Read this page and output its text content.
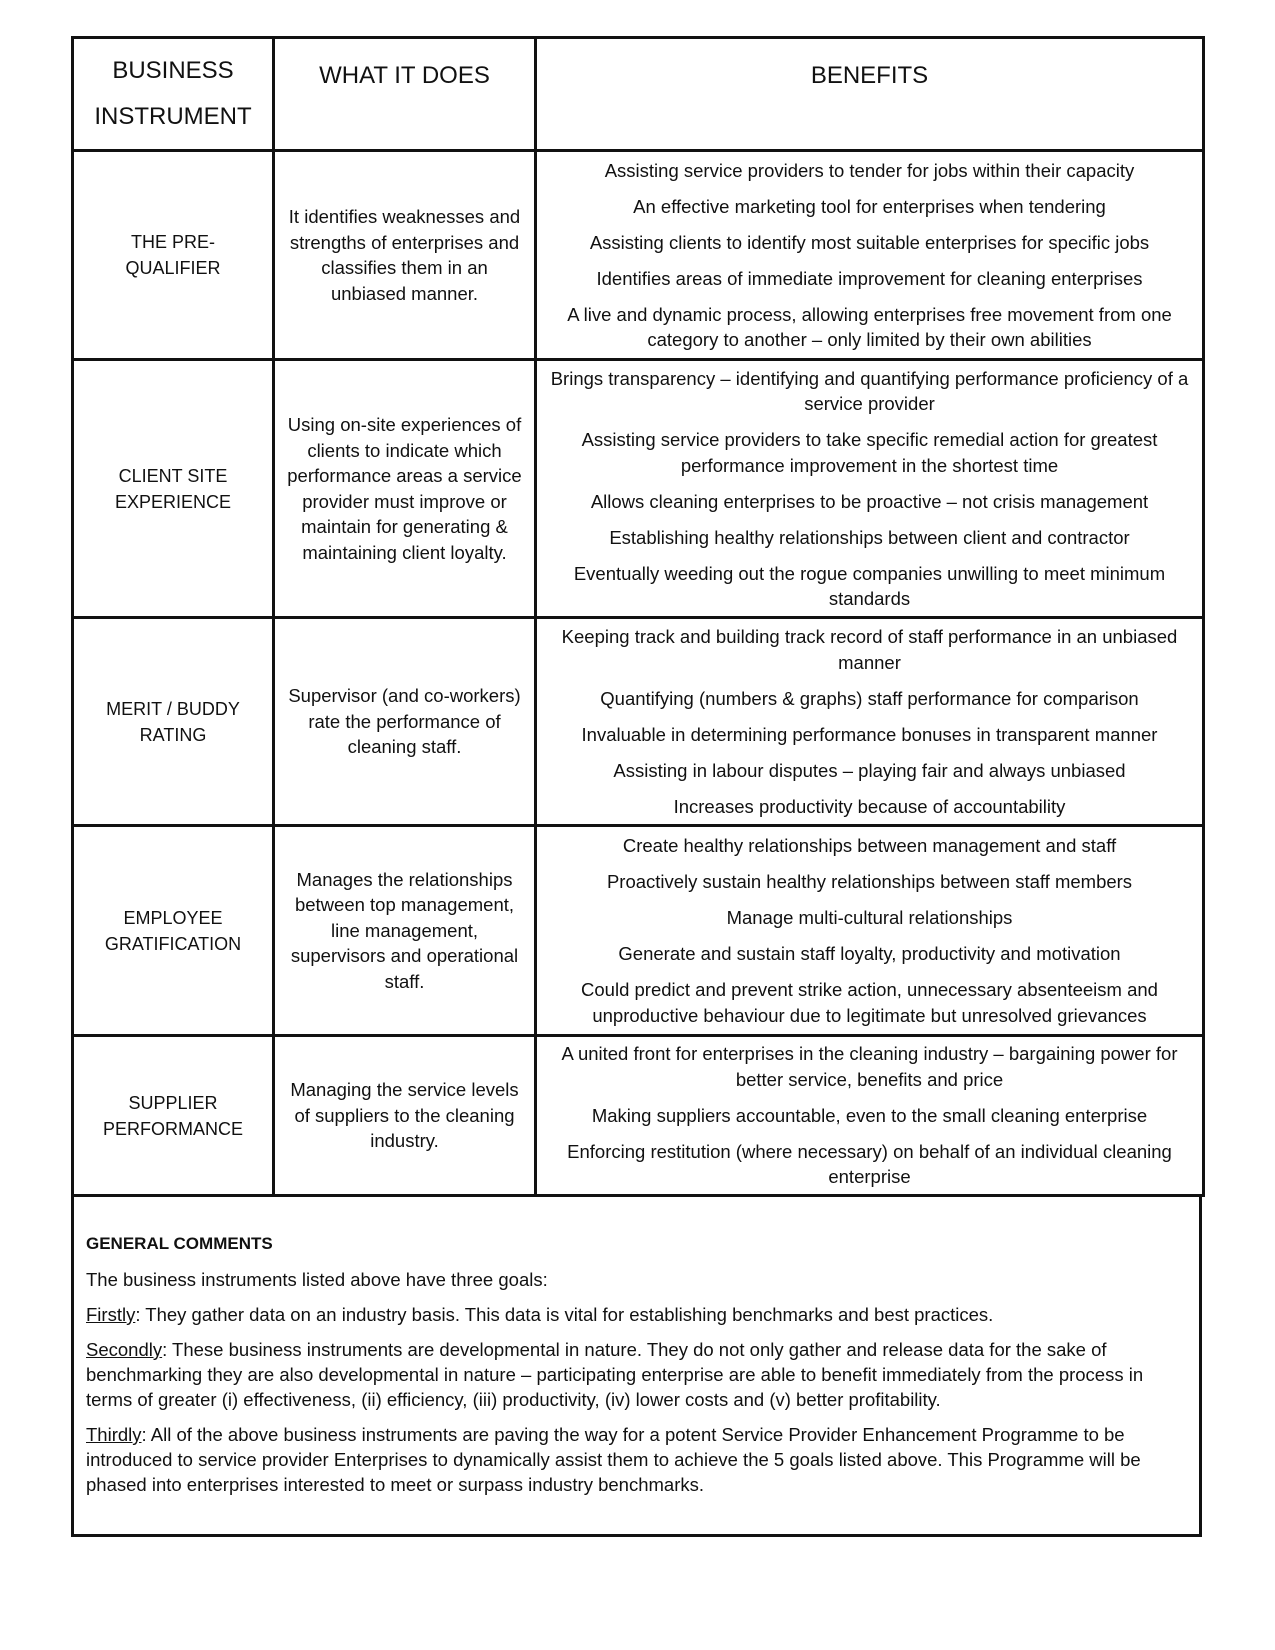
BUSINESS INSTRUMENT	WHAT IT DOES	BENEFITS
THE PRE-QUALIFIER	It identifies weaknesses and strengths of enterprises and classifies them in an unbiased manner.	Assisting service providers to tender for jobs within their capacity
An effective marketing tool for enterprises when tendering
Assisting clients to identify most suitable enterprises for specific jobs
Identifies areas of immediate improvement for cleaning enterprises
A live and dynamic process, allowing enterprises free movement from one category to another – only limited by their own abilities

CLIENT SITE EXPERIENCE	Using on-site experiences of clients to indicate which performance areas a service provider must improve or maintain for generating & maintaining client loyalty.	Brings transparency – identifying and quantifying performance proficiency of a service provider
Assisting service providers to take specific remedial action for greatest performance improvement in the shortest time
Allows cleaning enterprises to be proactive – not crisis management
Establishing healthy relationships between client and contractor
Eventually weeding out the rogue companies unwilling to meet minimum standards

MERIT / BUDDY RATING	Supervisor (and co-workers) rate the performance of cleaning staff.	Keeping track and building track record of staff performance in an unbiased manner
Quantifying (numbers & graphs) staff performance for comparison
Invaluable in determining performance bonuses in transparent manner
Assisting in labour disputes – playing fair and always unbiased
Increases productivity because of accountability

EMPLOYEE GRATIFICATION	Manages the relationships between top management, line management, supervisors and operational staff.	Create healthy relationships between management and staff
Proactively sustain healthy relationships between staff members
Manage multi-cultural relationships
Generate and sustain staff loyalty, productivity and motivation
Could predict and prevent strike action, unnecessary absenteeism and unproductive behaviour due to legitimate but unresolved grievances

SUPPLIER PERFORMANCE	Managing the service levels of suppliers to the cleaning industry.	A united front for enterprises in the cleaning industry – bargaining power for better service, benefits and price
Making suppliers accountable, even to the small cleaning enterprise
Enforcing restitution (where necessary) on behalf of an individual cleaning enterprise
GENERAL COMMENTS

The business instruments listed above have three goals:

Firstly: They gather data on an industry basis. This data is vital for establishing benchmarks and best practices.

Secondly: These business instruments are developmental in nature. They do not only gather and release data for the sake of benchmarking they are also developmental in nature – participating enterprise are able to benefit immediately from the process in terms of greater (i) effectiveness, (ii) efficiency, (iii) productivity, (iv) lower costs and (v) better profitability.

Thirdly: All of the above business instruments are paving the way for a potent Service Provider Enhancement Programme to be introduced to service provider Enterprises to dynamically assist them to achieve the 5 goals listed above. This Programme will be phased into enterprises interested to meet or surpass industry benchmarks.
